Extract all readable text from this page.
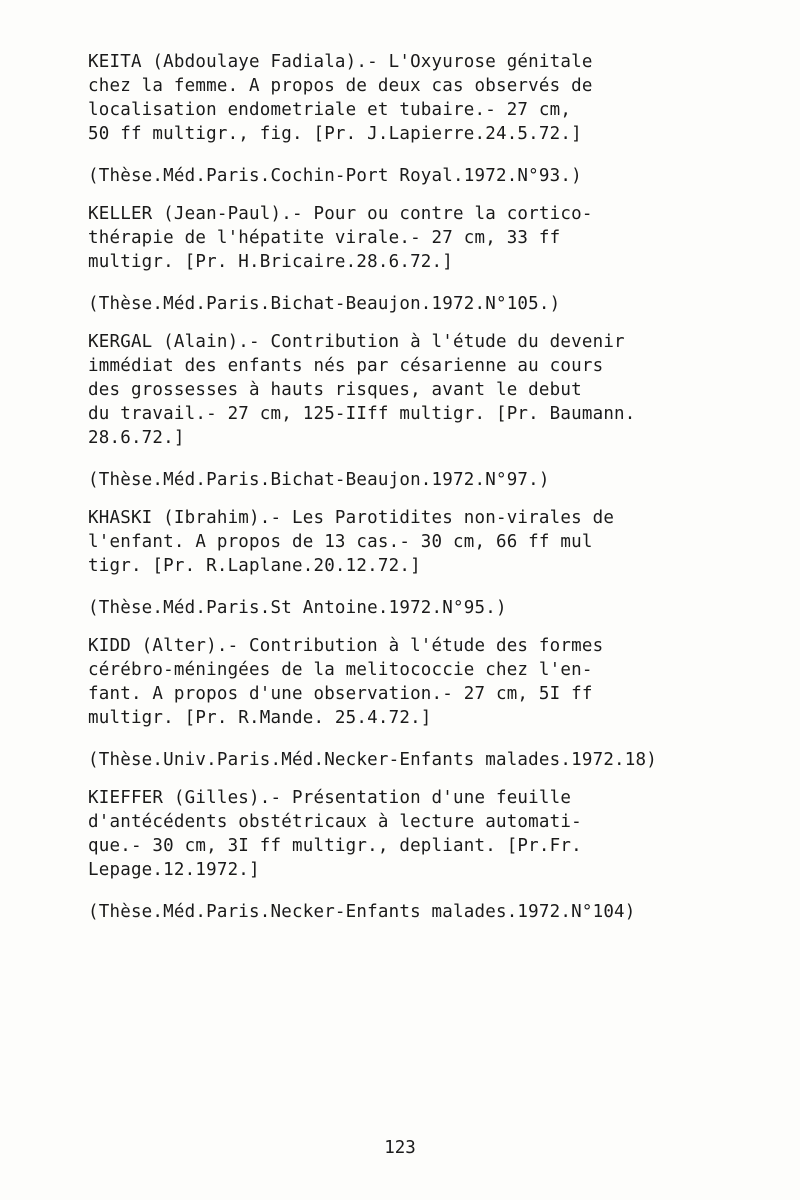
KEITA (Abdoulaye Fadiala).- L'Oxyurose génitale
chez la femme. A propos de deux cas observés de
localisation endometriale et tubaire.- 27 cm,
50 ff multigr., fig. [Pr. J.Lapierre.24.5.72.]
(Thèse.Méd.Paris.Cochin-Port Royal.1972.N°93.)
KELLER (Jean-Paul).- Pour ou contre la cortico-
thérapie de l'hépatite virale.- 27 cm, 33 ff
multigr. [Pr. H.Bricaire.28.6.72.]
(Thèse.Méd.Paris.Bichat-Beaujon.1972.N°105.)
KERGAL (Alain).- Contribution à l'étude du devenir
immédiat des enfants nés par césarienne au cours
des grossesses à hauts risques, avant le debut
du travail.- 27 cm, 125-IIff multigr. [Pr. Baumann.
28.6.72.]
(Thèse.Méd.Paris.Bichat-Beaujon.1972.N°97.)
KHASKI (Ibrahim).- Les Parotidites non-virales de
l'enfant. A propos de 13 cas.- 30 cm, 66 ff mul
tigr. [Pr. R.Laplane.20.12.72.]
(Thèse.Méd.Paris.St Antoine.1972.N°95.)
KIDD (Alter).- Contribution à l'étude des formes
cérébro-méningées de la melitococcie chez l'en-
fant. A propos d'une observation.- 27 cm, 5I ff
multigr. [Pr. R.Mande. 25.4.72.]
(Thèse.Univ.Paris.Méd.Necker-Enfants malades.1972.18)
KIEFFER (Gilles).- Présentation d'une feuille
d'antécédents obstétricaux à lecture automati-
que.- 30 cm, 3I ff multigr., depliant. [Pr.Fr.
Lepage.12.1972.]
(Thèse.Méd.Paris.Necker-Enfants malades.1972.N°104)
123
